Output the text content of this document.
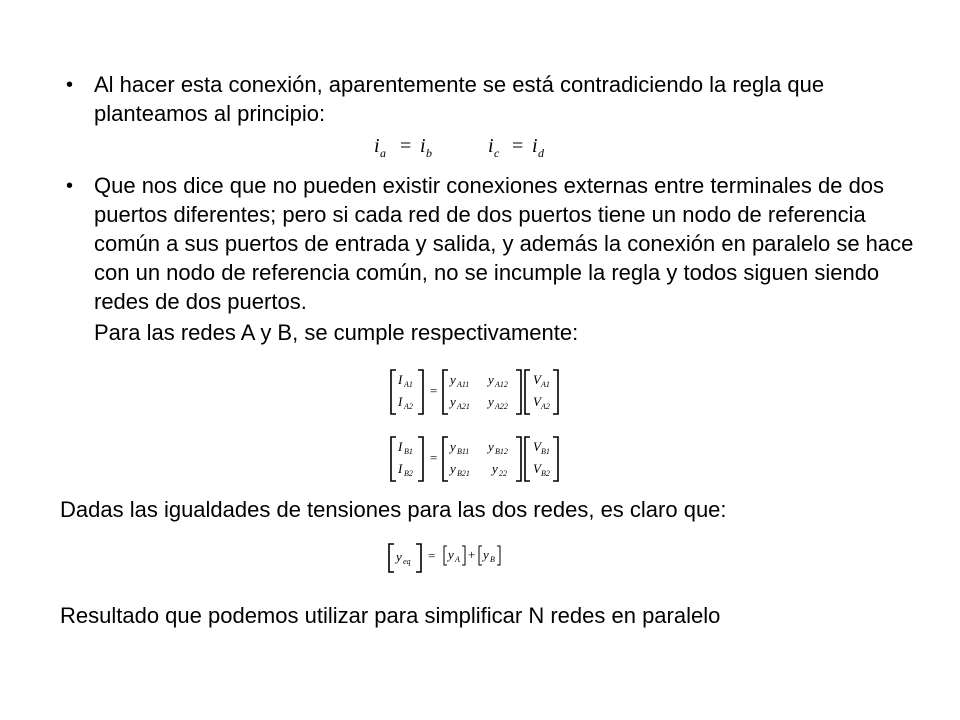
• Al hacer esta conexión, aparentemente se está contradiciendo la regla que planteamos al principio:
i a = i b	i c = i d
• Que nos dice que no pueden existir conexiones externas entre terminales de dos puertos diferentes; pero si cada red de dos puertos tiene un nodo de referencia común a sus puertos de entrada y salida, y además la conexión en paralelo se hace con un nodo de referencia común, no se incumple la regla y todos siguen siendo redes de dos puertos.
Para las redes A y B, se cumple respectivamente:
I A1
I A2
=
y A11 y A12
y A21 y A22
V A1
V A2
I B1
I B2
=
y B11 y B12
y B21 y 22
V B1
V B2
Dadas las igualdades de tensiones para las dos redes, es claro que:
y eq = y A + y B
Resultado que podemos utilizar para simplificar N redes en paralelo
